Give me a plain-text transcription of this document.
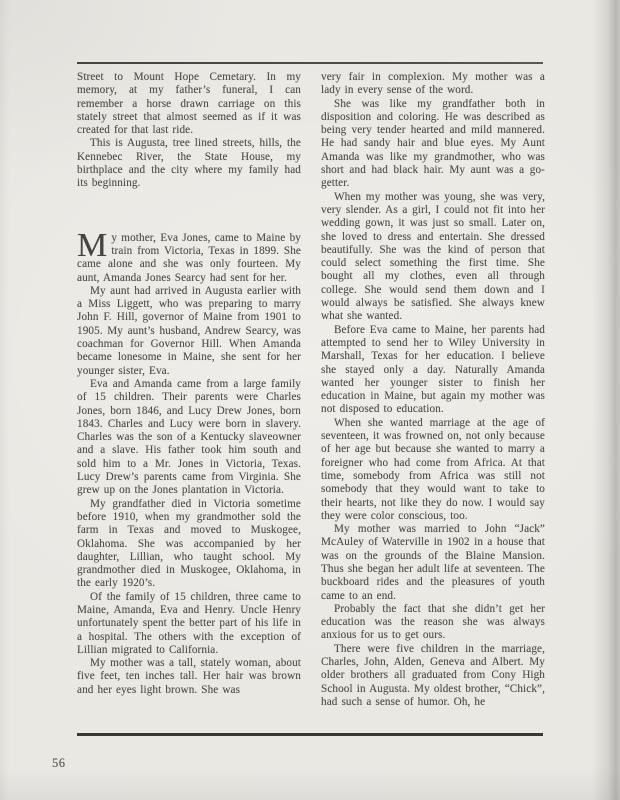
Street to Mount Hope Cemetary. In my memory, at my father’s funeral, I can remember a horse drawn carriage on this stately street that almost seemed as if it was created for that last ride.

This is Augusta, tree lined streets, hills, the Kennebec River, the State House, my birthplace and the city where my family had its beginning.

My mother, Eva Jones, came to Maine by train from Victoria, Texas in 1899. She came alone and she was only fourteen. My aunt, Amanda Jones Searcy had sent for her.

My aunt had arrived in Augusta earlier with a Miss Liggett, who was preparing to marry John F. Hill, governor of Maine from 1901 to 1905. My aunt’s husband, Andrew Searcy, was coachman for Governor Hill. When Amanda became lonesome in Maine, she sent for her younger sister, Eva.

Eva and Amanda came from a large family of 15 children. Their parents were Charles Jones, born 1846, and Lucy Drew Jones, born 1843. Charles and Lucy were born in slavery. Charles was the son of a Kentucky slaveowner and a slave. His father took him south and sold him to a Mr. Jones in Victoria, Texas. Lucy Drew’s parents came from Virginia. She grew up on the Jones plantation in Victoria.

My grandfather died in Victoria sometime before 1910, when my grandmother sold the farm in Texas and moved to Muskogee, Oklahoma. She was accompanied by her daughter, Lillian, who taught school. My grandmother died in Muskogee, Oklahoma, in the early 1920’s.

Of the family of 15 children, three came to Maine, Amanda, Eva and Henry. Uncle Henry unfortunately spent the better part of his life in a hospital. The others with the exception of Lillian migrated to California.

My mother was a tall, stately woman, about five feet, ten inches tall. Her hair was brown and her eyes light brown. She was

very fair in complexion. My mother was a lady in every sense of the word.

She was like my grandfather both in disposition and coloring. He was described as being very tender hearted and mild mannered. He had sandy hair and blue eyes. My Aunt Amanda was like my grandmother, who was short and had black hair. My aunt was a go-getter.

When my mother was young, she was very, very slender. As a girl, I could not fit into her wedding gown, it was just so small. Later on, she loved to dress and entertain. She dressed beautifully. She was the kind of person that could select something the first time. She bought all my clothes, even all through college. She would send them down and I would always be satisfied. She always knew what she wanted.

Before Eva came to Maine, her parents had attempted to send her to Wiley University in Marshall, Texas for her education. I believe she stayed only a day. Naturally Amanda wanted her younger sister to finish her education in Maine, but again my mother was not disposed to education.

When she wanted marriage at the age of seventeen, it was frowned on, not only because of her age but because she wanted to marry a foreigner who had come from Africa. At that time, somebody from Africa was still not somebody that they would want to take to their hearts, not like they do now. I would say they were color conscious, too.

My mother was married to John “Jack” McAuley of Waterville in 1902 in a house that was on the grounds of the Blaine Mansion. Thus she began her adult life at seventeen. The buckboard rides and the pleasures of youth came to an end.

Probably the fact that she didn’t get her education was the reason she was always anxious for us to get ours.

There were five children in the marriage, Charles, John, Alden, Geneva and Albert. My older brothers all graduated from Cony High School in Augusta. My oldest brother, “Chick”, had such a sense of humor. Oh, he

56
